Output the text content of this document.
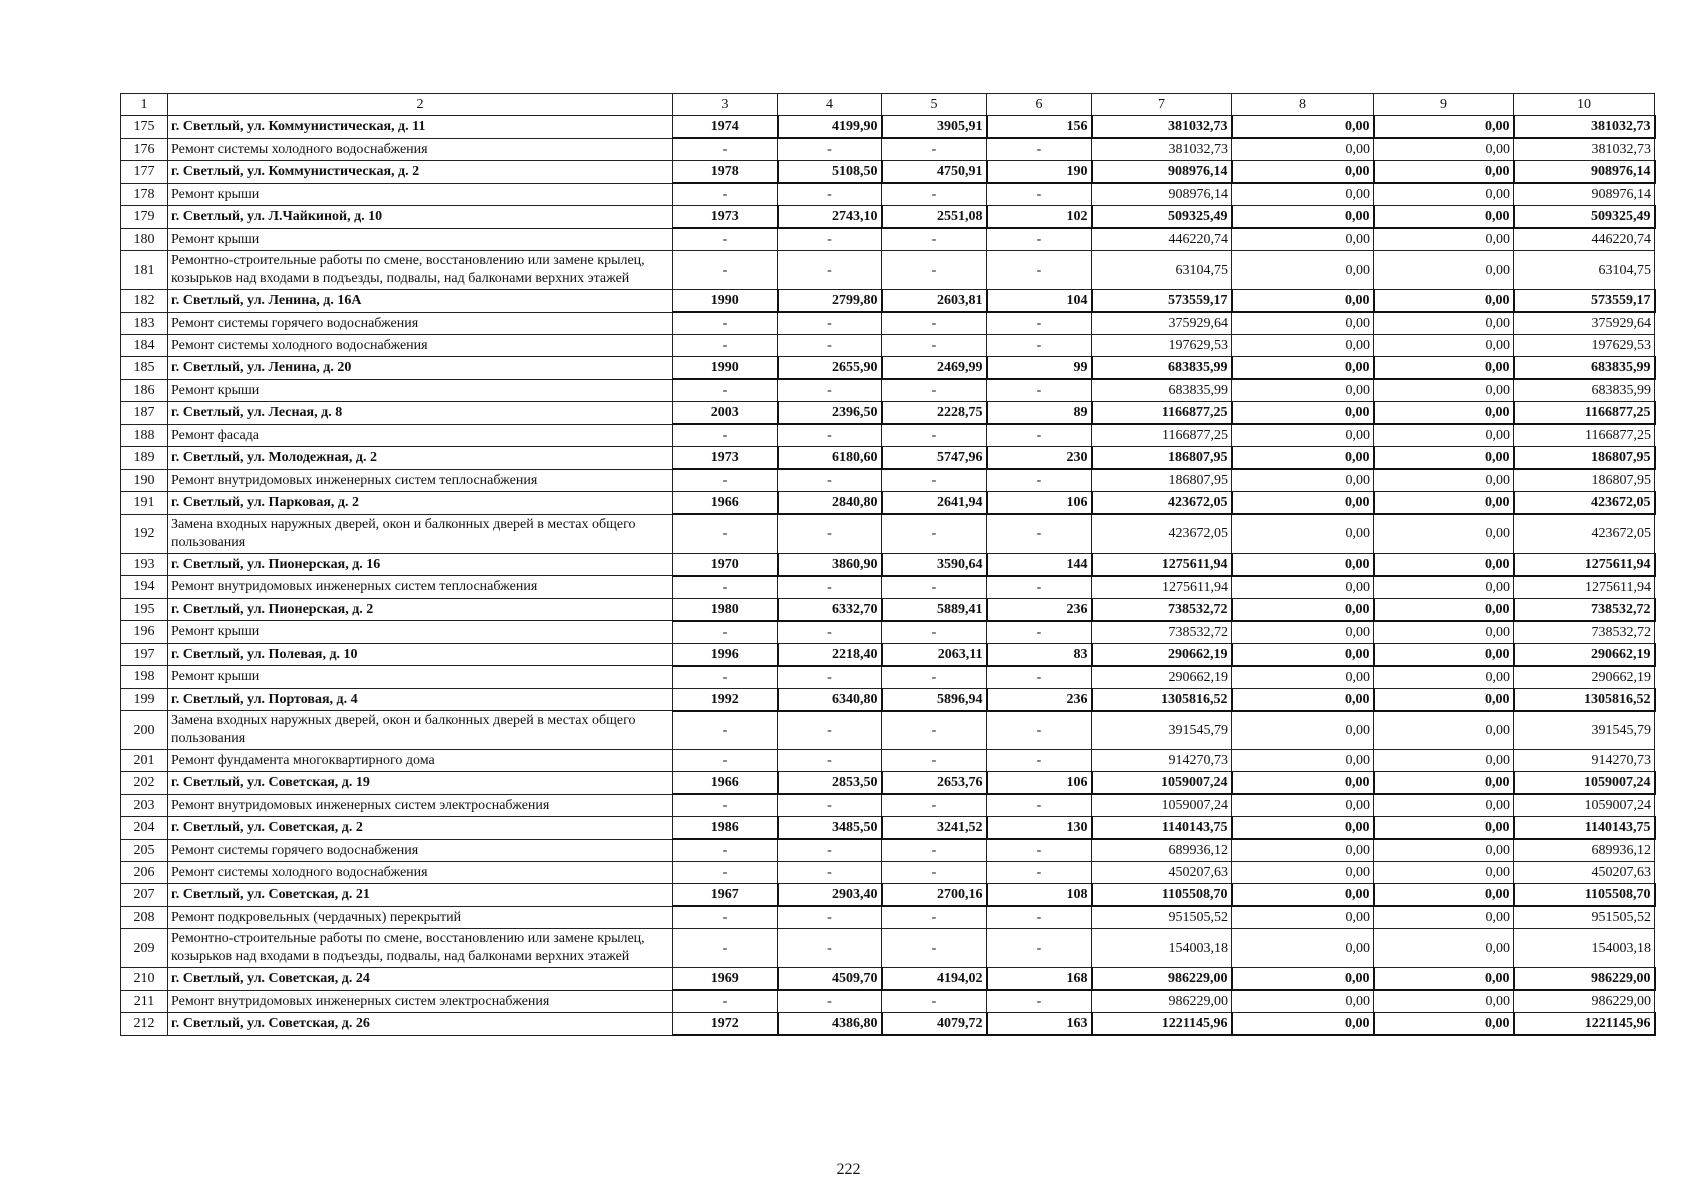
1	2	3	4	5	6	7	8	9	10
175	г. Светлый, ул. Коммунистическая, д. 11	1974	4199,90	3905,91	156	381032,73	0,00	0,00	381032,73
176	Ремонт системы холодного водоснабжения	-	-	-	-	381032,73	0,00	0,00	381032,73
177	г. Светлый, ул. Коммунистическая, д. 2	1978	5108,50	4750,91	190	908976,14	0,00	0,00	908976,14
178	Ремонт крыши	-	-	-	-	908976,14	0,00	0,00	908976,14
179	г. Светлый, ул. Л.Чайкиной, д. 10	1973	2743,10	2551,08	102	509325,49	0,00	0,00	509325,49
180	Ремонт крыши	-	-	-	-	446220,74	0,00	0,00	446220,74
181	Ремонтно-строительные работы по смене, восстановлению или замене крылец, козырьков над входами в подъезды, подвалы, над балконами верхних этажей	-	-	-	-	63104,75	0,00	0,00	63104,75
182	г. Светлый, ул. Ленина, д. 16А	1990	2799,80	2603,81	104	573559,17	0,00	0,00	573559,17
183	Ремонт системы горячего водоснабжения	-	-	-	-	375929,64	0,00	0,00	375929,64
184	Ремонт системы холодного водоснабжения	-	-	-	-	197629,53	0,00	0,00	197629,53
185	г. Светлый, ул. Ленина, д. 20	1990	2655,90	2469,99	99	683835,99	0,00	0,00	683835,99
186	Ремонт крыши	-	-	-	-	683835,99	0,00	0,00	683835,99
187	г. Светлый, ул. Лесная, д. 8	2003	2396,50	2228,75	89	1166877,25	0,00	0,00	1166877,25
188	Ремонт фасада	-	-	-	-	1166877,25	0,00	0,00	1166877,25
189	г. Светлый, ул. Молодежная, д. 2	1973	6180,60	5747,96	230	186807,95	0,00	0,00	186807,95
190	Ремонт внутридомовых инженерных систем теплоснабжения	-	-	-	-	186807,95	0,00	0,00	186807,95
191	г. Светлый, ул. Парковая, д. 2	1966	2840,80	2641,94	106	423672,05	0,00	0,00	423672,05
192	Замена входных наружных дверей, окон и балконных дверей в местах общего пользования	-	-	-	-	423672,05	0,00	0,00	423672,05
193	г. Светлый, ул. Пионерская, д. 16	1970	3860,90	3590,64	144	1275611,94	0,00	0,00	1275611,94
194	Ремонт внутридомовых инженерных систем теплоснабжения	-	-	-	-	1275611,94	0,00	0,00	1275611,94
195	г. Светлый, ул. Пионерская, д. 2	1980	6332,70	5889,41	236	738532,72	0,00	0,00	738532,72
196	Ремонт крыши	-	-	-	-	738532,72	0,00	0,00	738532,72
197	г. Светлый, ул. Полевая, д. 10	1996	2218,40	2063,11	83	290662,19	0,00	0,00	290662,19
198	Ремонт крыши	-	-	-	-	290662,19	0,00	0,00	290662,19
199	г. Светлый, ул. Портовая, д. 4	1992	6340,80	5896,94	236	1305816,52	0,00	0,00	1305816,52
200	Замена входных наружных дверей, окон и балконных дверей в местах общего пользования	-	-	-	-	391545,79	0,00	0,00	391545,79
201	Ремонт фундамента многоквартирного дома	-	-	-	-	914270,73	0,00	0,00	914270,73
202	г. Светлый, ул. Советская, д. 19	1966	2853,50	2653,76	106	1059007,24	0,00	0,00	1059007,24
203	Ремонт внутридомовых инженерных систем электроснабжения	-	-	-	-	1059007,24	0,00	0,00	1059007,24
204	г. Светлый, ул. Советская, д. 2	1986	3485,50	3241,52	130	1140143,75	0,00	0,00	1140143,75
205	Ремонт системы горячего водоснабжения	-	-	-	-	689936,12	0,00	0,00	689936,12
206	Ремонт системы холодного водоснабжения	-	-	-	-	450207,63	0,00	0,00	450207,63
207	г. Светлый, ул. Советская, д. 21	1967	2903,40	2700,16	108	1105508,70	0,00	0,00	1105508,70
208	Ремонт подкровельных (чердачных) перекрытий	-	-	-	-	951505,52	0,00	0,00	951505,52
209	Ремонтно-строительные работы по смене, восстановлению или замене крылец, козырьков над входами в подъезды, подвалы, над балконами верхних этажей	-	-	-	-	154003,18	0,00	0,00	154003,18
210	г. Светлый, ул. Советская, д. 24	1969	4509,70	4194,02	168	986229,00	0,00	0,00	986229,00
211	Ремонт внутридомовых инженерных систем электроснабжения	-	-	-	-	986229,00	0,00	0,00	986229,00
212	г. Светлый, ул. Советская, д. 26	1972	4386,80	4079,72	163	1221145,96	0,00	0,00	1221145,96
222
